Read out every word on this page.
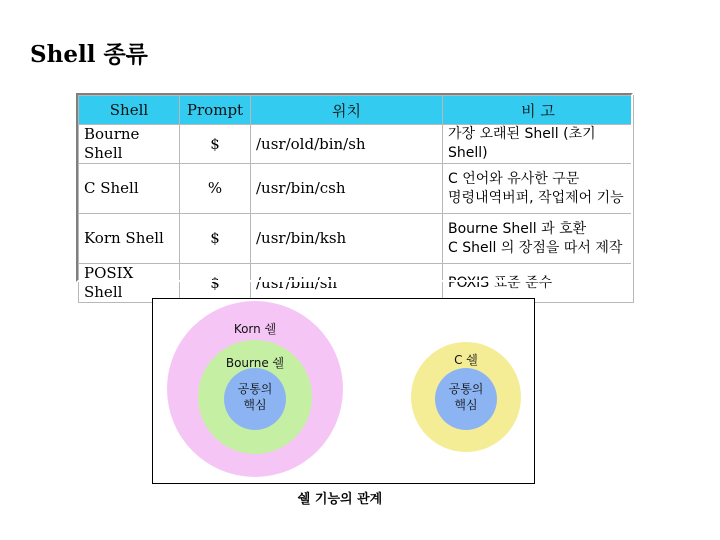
Shell 종류
Shell	Prompt	위치	비 고
Bourne Shell	$	/usr/old/bin/sh	가장 오래된 Shell (초기 Shell)

C Shell	%	/usr/bin/csh	C 언어와 유사한 구문
명령내역버퍼, 작업제어 기능

Korn Shell	$	/usr/bin/ksh	Bourne Shell 과 호환
C Shell 의 장점을 따서 제작

POSIX Shell	$	/usr/bin/sh	POXIS 표준 준수
Korn 쉘
Bourne 쉘
공통의
핵심
C 쉘
공통의
핵심
쉘 기능의 관계
